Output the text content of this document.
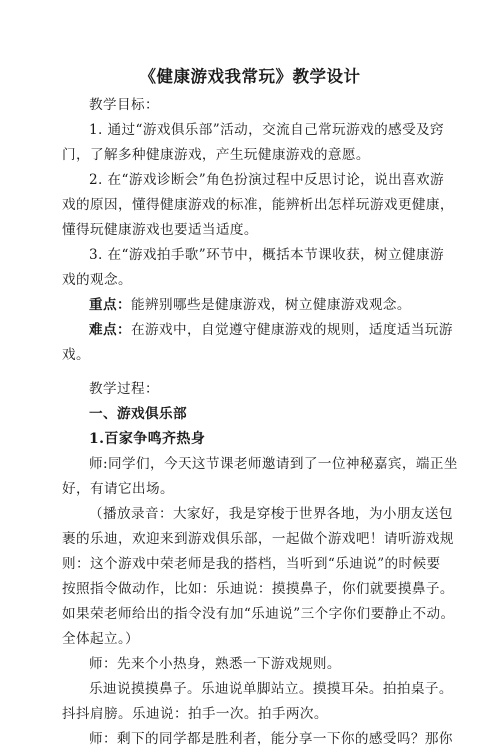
《健康游戏我常玩》教学设计
教学目标：
1. 通过“游戏俱乐部”活动，交流自己常玩游戏的感受及窍
门，了解多种健康游戏，产生玩健康游戏的意愿。
2. 在“游戏诊断会”角色扮演过程中反思讨论，说出喜欢游
戏的原因，懂得健康游戏的标准，能辨析出怎样玩游戏更健康，
懂得玩健康游戏也要适当适度。
3. 在“游戏拍手歌”环节中，概括本节课收获，树立健康游
戏的观念。
重点：能辨别哪些是健康游戏，树立健康游戏观念。
难点：在游戏中，自觉遵守健康游戏的规则，适度适当玩游
戏。
教学过程：
一、游戏俱乐部
1.百家争鸣齐热身
师:同学们，今天这节课老师邀请到了一位神秘嘉宾，端正坐
好，有请它出场。
（播放录音：大家好，我是穿梭于世界各地，为小朋友送包
裹的乐迪，欢迎来到游戏俱乐部，一起做个游戏吧！请听游戏规
则：这个游戏中荣老师是我的搭档，当听到“乐迪说”的时候要
按照指令做动作，比如：乐迪说：摸摸鼻子，你们就要摸鼻子。
如果荣老师给出的指令没有加“乐迪说”三个字你们要静止不动。
全体起立。）
师：先来个小热身，熟悉一下游戏规则。
乐迪说摸摸鼻子。乐迪说单脚站立。摸摸耳朵。拍拍桌子。
抖抖肩膀。乐迪说：拍手一次。拍手两次。
师：剩下的同学都是胜利者，能分享一下你的感受吗？那你
